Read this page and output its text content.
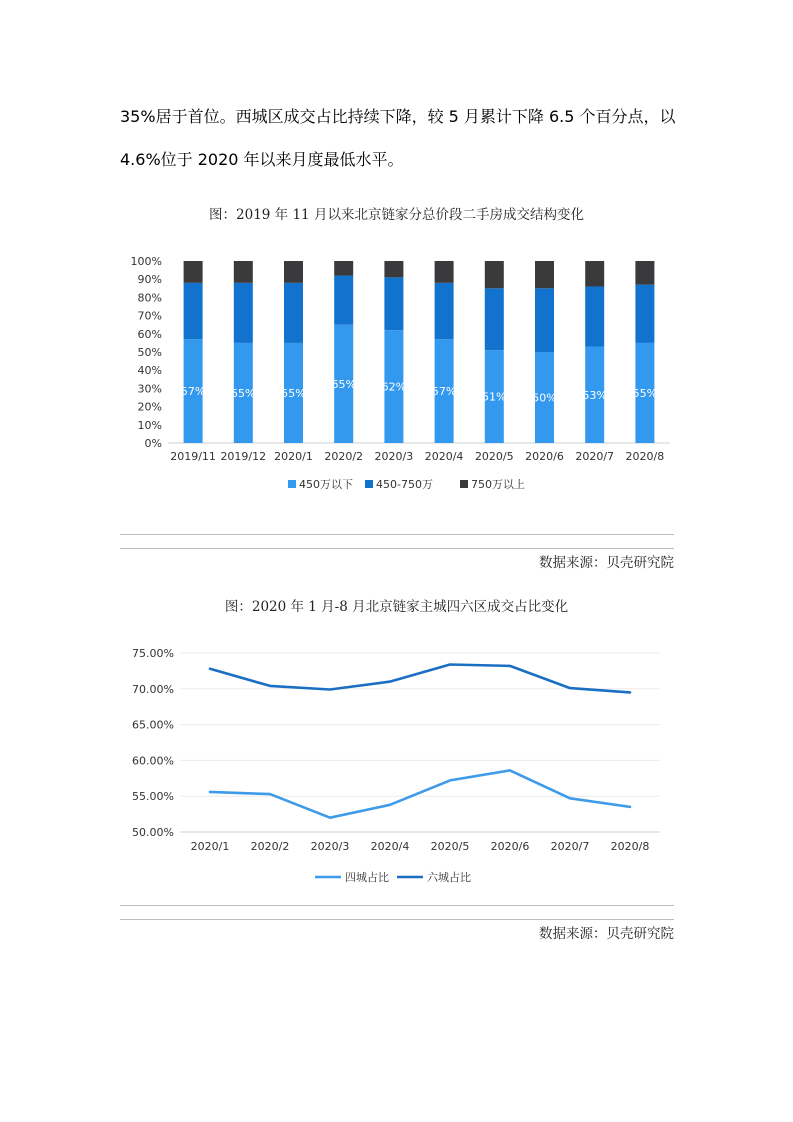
35%居于首位。西城区成交占比持续下降，较 5 月累计下降 6.5 个百分点，以
4.6%位于 2020 年以来月度最低水平。
图：2019 年 11 月以来北京链家分总价段二手房成交结构变化
0%
10%
20%
30%
40%
50%
60%
70%
80%
90%
100%
57%
2019/11
55%
2019/12
55%
2020/1
65%
2020/2
62%
2020/3
57%
2020/4
51%
2020/5
50%
2020/6
53%
2020/7
55%
2020/8
450万以下 450-750万	750万以上
数据来源：贝壳研究院
图：2020 年 1 月-8 月北京链家主城四六区成交占比变化
50.00%
55.00%
60.00%
65.00%
70.00%
75.00%
2020/1 2020/2 2020/3 2020/4 2020/5 2020/6 2020/7 2020/8
四城占比	六城占比
数据来源：贝壳研究院
